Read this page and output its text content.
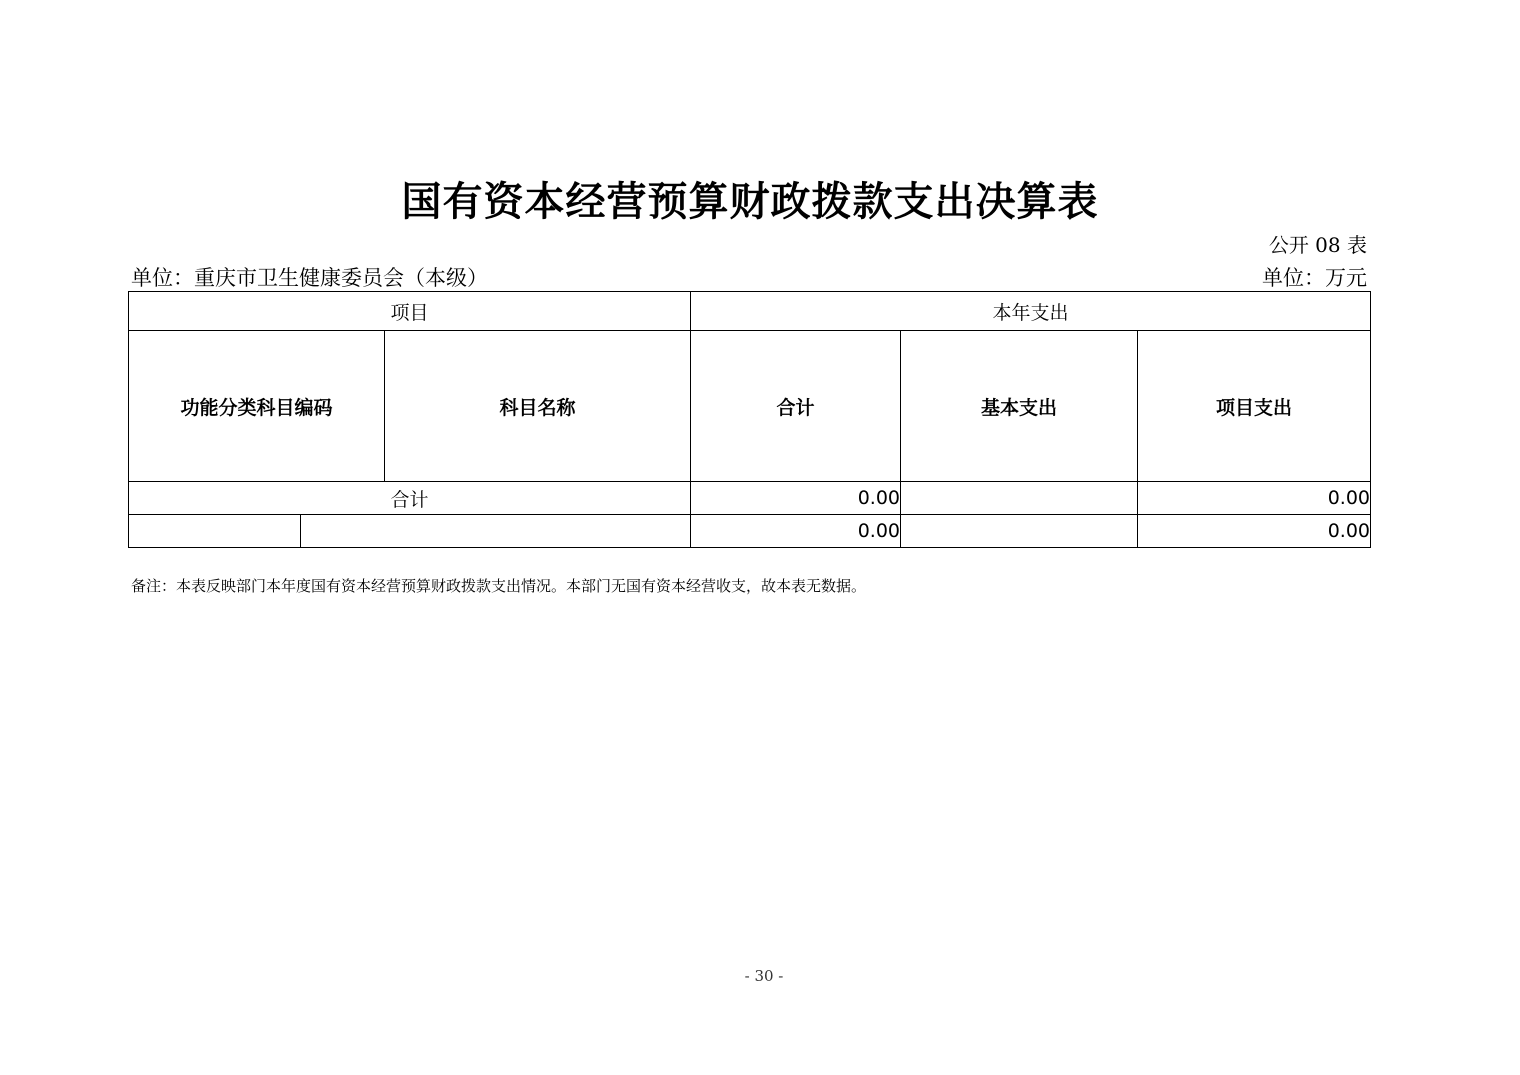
国有资本经营预算财政拨款支出决算表
公开 08 表
单位：重庆市卫生健康委员会（本级）	单位：万元
项目			本年支出		
功能分类科目编码		科目名称	合计	基本支出	项目支出
合计			0.00		0.00
			0.00		0.00
备注：本表反映部门本年度国有资本经营预算财政拨款支出情况。本部门无国有资本经营收支，故本表无数据。
- 30 -
